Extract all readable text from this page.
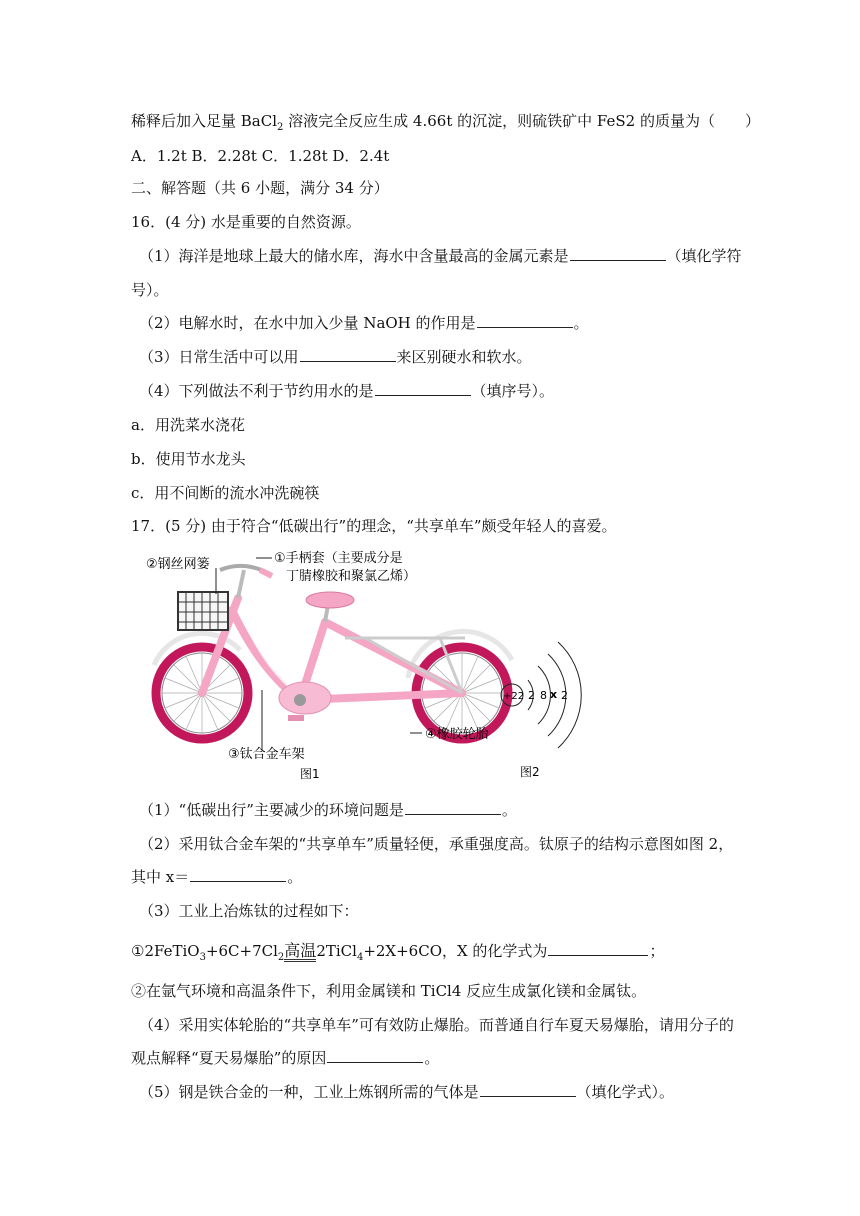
稀释后加入足量 BaCl$_2$ 溶液完全反应生成 4.66t 的沉淀，则硫铁矿中 FeS2 的质量为（　　）
A．1.2t B．2.28t C．1.28t D．2.4t
二、解答题（共 6 小题，满分 34 分）
16．(4 分) 水是重要的自然资源。
（1）海洋是地球上最大的储水库，海水中含量最高的金属元素是	（填化学符
号）。
（2）电解水时，在水中加入少量 NaOH 的作用是	。
（3）日常生活中可以用	来区别硬水和软水。
（4）下列做法不利于节约用水的是	（填序号）。
a．用洗菜水浇花
b．使用节水龙头
c．用不间断的流水冲洗碗筷
17．(5 分) 由于符合“低碳出行”的理念，“共享单车”颇受年轻人的喜爱。
②钢丝网篓	①手柄套（主要成分是
丁腈橡胶和聚氯乙烯）
③钛合金车架
④橡胶轮胎
图1
+22 2 8 x 2
图2
（1）“低碳出行”主要减少的环境问题是	。
（2）采用钛合金车架的“共享单车”质量轻便，承重强度高。钛原子的结构示意图如图 2，
其中 x＝	。
（3）工业上冶炼钛的过程如下：
$①2FeTiO_3+6C+7Cl_2$高温2TiCl$_4$+2X+6CO，X 的化学式为	；
②在氩气环境和高温条件下，利用金属镁和 TiCl4 反应生成氯化镁和金属钛。
（4）采用实体轮胎的“共享单车”可有效防止爆胎。而普通自行车夏天易爆胎，请用分子的
观点解释“夏天易爆胎”的原因	。
（5）钢是铁合金的一种，工业上炼钢所需的气体是	（填化学式）。
